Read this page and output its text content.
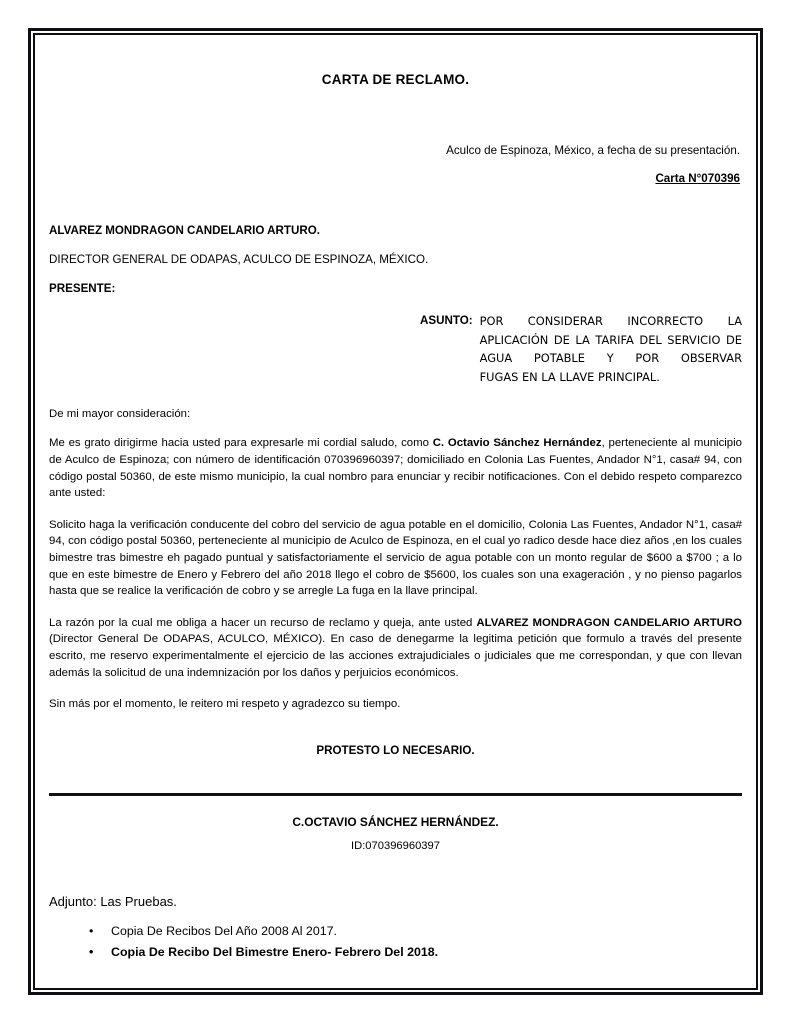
CARTA DE RECLAMO.
Aculco de Espinoza, México, a fecha de su presentación.
Carta N°070396
ALVAREZ MONDRAGON CANDELARIO ARTURO.
DIRECTOR GENERAL DE ODAPAS, ACULCO DE ESPINOZA, MÉXICO.
PRESENTE:
ASUNTO: POR CONSIDERAR INCORRECTO LA APLICACIÓN DE LA TARIFA DEL SERVICIO DE AGUA POTABLE Y POR OBSERVAR
FUGAS EN LA LLAVE PRINCIPAL.
De mi mayor consideración:

Me es grato dirigirme hacia usted para expresarle mi cordial saludo, como C. Octavio Sánchez Hernández, perteneciente al municipio de Aculco de Espinoza; con número de identificación 070396960397; domiciliado en Colonia Las Fuentes, Andador N°1, casa# 94, con código postal 50360, de este mismo municipio, la cual nombro para enunciar y recibir notificaciones. Con el debido respeto comparezco ante usted:

Solicito haga la verificación conducente del cobro del servicio de agua potable en el domicilio, Colonia Las Fuentes, Andador N°1, casa# 94, con código postal 50360, perteneciente al municipio de Aculco de Espinoza, en el cual yo radico desde hace diez años ,en los cuales bimestre tras bimestre eh pagado puntual y satisfactoriamente el servicio de agua potable con un monto regular de $600 a $700 ; a lo que en este bimestre de Enero y Febrero del año 2018 llego el cobro de $5600, los cuales son una exageración , y no pienso pagarlos hasta que se realice la verificación de cobro y se arregle La fuga en la llave principal.

La razón por la cual me obliga a hacer un recurso de reclamo y queja, ante usted ALVAREZ MONDRAGON CANDELARIO ARTURO (Director General De ODAPAS, ACULCO, MÉXICO). En caso de denegarme la legitima petición que formulo a través del presente escrito, me reservo experimentalmente el ejercicio de las acciones extrajudiciales o judiciales que me correspondan, y que con llevan además la solicitud de una indemnización por los daños y perjuicios económicos.

Sin más por el momento, le reitero mi respeto y agradezco su tiempo.

PROTESTO LO NECESARIO.
C.OCTAVIO SÁNCHEZ HERNÁNDEZ.
ID:070396960397
Adjunto: Las Pruebas.
• Copia De Recibos Del Año 2008 Al 2017.
• Copia De Recibo Del Bimestre Enero- Febrero Del 2018.
